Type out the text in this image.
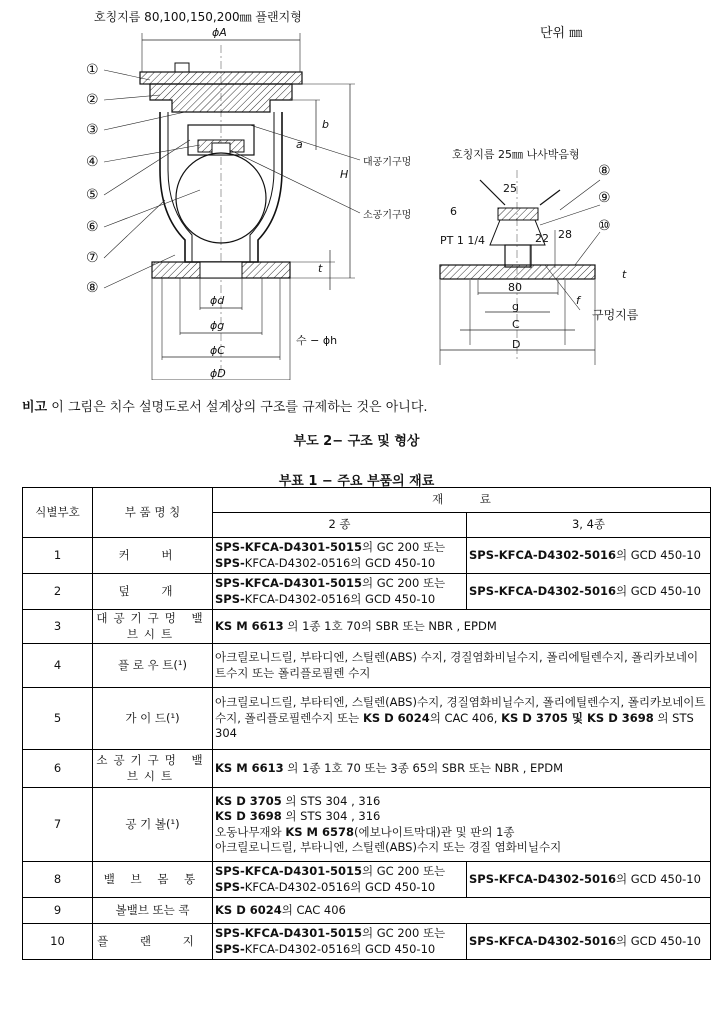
호칭지름 80,100,150,200㎜ 플랜지형
단위 ㎜
ϕA
①
②
③
④
⑤
⑥
⑦
⑧
b
a
H
t
대공기구멍
소공기구멍
ϕd
ϕg
수 − ϕh
ϕC
ϕD
호칭지름 25㎜ 나사박음형
⑧
⑨
⑩
25
6
PT 1 1/4	22 28
80
g
C
D
t
f
구멍지름
비고 이 그림은 치수 설명도로서 설계상의 구조를 규제하는 것은 아니다.
부도 2− 구조 및 형상
부표 1 − 주요 부품의 재료
식별부호	부 품 명 칭	재          료	
		2 종	3, 4종
1	커 버	SPS-KFCA-D4301-5015의 GC 200 또는
SPS-KFCA-D4302-0516의 GCD 450-10	SPS-KFCA-D4302-5016의 GCD 450-10
2	덮 개	SPS-KFCA-D4301-5015의 GC 200 또는
SPS-KFCA-D4302-0516의 GCD 450-10	SPS-KFCA-D4302-5016의 GCD 450-10
3	대공기구멍 밸브시트	KS M 6613 의 1종 1호 70의 SBR 또는 NBR , EPDM	
4	플 로 우 트(¹)	아크릴로니드릴, 부타디엔, 스틸렌(ABS) 수지, 경질염화비닐수지, 폴리에틸렌수지, 폴리카보네이트수지 또는 폴리플로필렌 수지	
5	가 이 드(¹)	아크릴로니드릴, 부타티엔, 스틸렌(ABS)수지, 경질염화비닐수지, 폴리에틸렌수지, 폴리카보네이트수지, 폴리플로필렌수지 또는 KS D 6024의 CAC 406, KS D 3705 및 KS D 3698 의 STS 304	
6	소공기구멍 밸브시트	KS M 6613 의 1종 1호 70 또는 3종 65의 SBR 또는 NBR , EPDM	
7	공 기 볼(¹)	KS D 3705 의 STS 304 , 316
KS D 3698 의 STS 304 , 316
오동나무재와 KS M 6578(에보나이트막대)관 및 판의 1종
아크릴로니드릴, 부타니엔, 스틸렌(ABS)수지 또는 경질 염화비닐수지	
8	밸 브 몸 통	SPS-KFCA-D4301-5015의 GC 200 또는
SPS-KFCA-D4302-0516의 GCD 450-10	SPS-KFCA-D4302-5016의 GCD 450-10
9	볼밸브 또는 콕	KS D 6024의 CAC 406	
10	플 랜 지	SPS-KFCA-D4301-5015의 GC 200 또는
SPS-KFCA-D4302-0516의 GCD 450-10	SPS-KFCA-D4302-5016의 GCD 450-10
